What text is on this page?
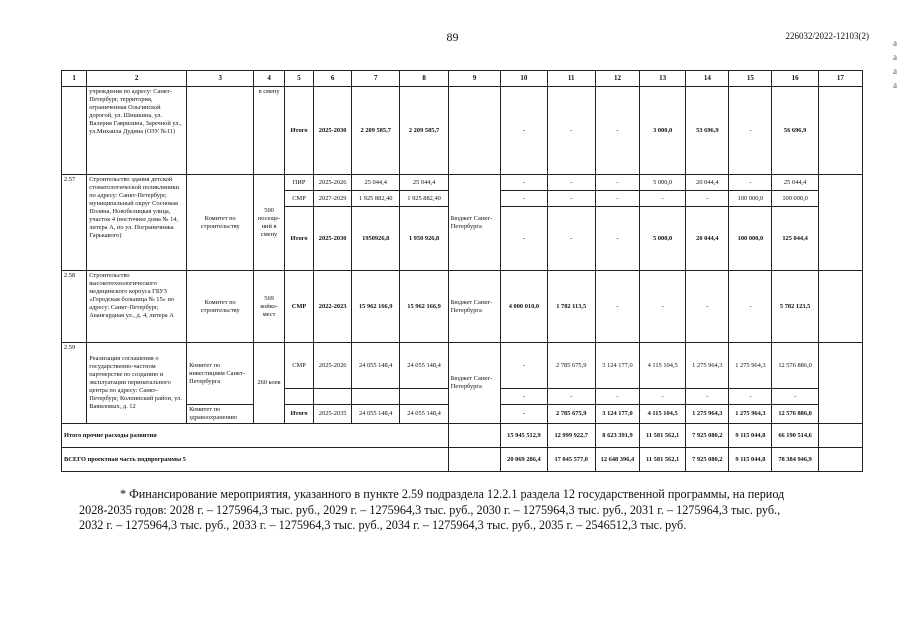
89	226032/2022-12103(2)
a
a
a
a
1	2	3	4	5	6	7	8	9	10	11	12	13	14	15	16	17
	учреждения по адресу: Санкт-Петербург, территория, ограниченная Ольгинской дорогой, ул. Шишкина, ул. Валерия Гаврилина, Заречной ул., ул.Михаила Дудина (ОЗУ №11)		в смену	Итого	2025-2030	2 209 585,7	2 209 585,7		-	-	-	3 000,0	53 696,9	-	56 696,9	
2.57	Строительство здания детской стоматологической поликлиники по адресу: Санкт-Петербург, муниципальный округ Сосновая Поляна, Новобелицкая улица, участок 4 (восточнее дома № 14, литера А, по ул. Пограничника Гарькавого)	Комитет по строительству	500 посеще-ний в смену	ПИР	2025-2026	25 044,4	25 044,4	Бюджет Санкт-Петербурга	-	-	-	5 000,0	20 044,4	-	25 044,4	
				СМР	2027-2029	1 925 882,40	1 925 882,40		-	-	-	-	-	100 000,0	100 000,0	
				Итого	2025-2030	1950926,8	1 950 926,8		-	-	-	5 000,0	20 044,4	100 000,0	125 044,4	
2.58	Строительство высокотехнологического медицинского корпуса ГБУЗ «Городская больница № 15» по адресу: Санкт-Петербург, Авангардная ул., д. 4, литера А	Комитет по строительству	569 койко-мест	СМР	2022-2023	15 962 166,9	15 962 166,9	Бюджет Санкт-Петербурга	4 000 010,0	1 782 113,5	-	-	-	-	5 782 123,5	
2.59	Реализация соглашения о государственно-частном партнерстве по созданию и эксплуатации перинатального центра по адресу: Санкт-Петербург, Колпинский район, ул. Вавиловых, д. 12	Комитет по инвестициям Санкт-Петербурга	260 коек	СМР	2025-2026	24 055 148,4	24 055 148,4	Бюджет Санкт-Петербурга	-	2 785 675,9	3 124 177,0	4 115 104,5	1 275 964,3	1 275 964,3	12 576 886,0	
									-	-	-	-	-	-	-	
		Комитет по здравоохранению		Итого	2025-2035	24 055 148,4	24 055 148,4		-	2 785 675,9	3 124 177,0	4 115 104,5	1 275 964,3	1 275 964,3	12 576 886,0	
Итого прочие расходы развития									15 945 512,9	12 999 922,7	8 623 391,9	11 581 562,1	7 925 080,2	9 115 044,8	66 190 514,6	
ВСЕГО проектная часть подпрограммы 5									20 069 286,4	17 045 577,0	12 648 396,4	11 581 562,1	7 925 080,2	9 115 044,8	78 384 946,9	
* Финансирование мероприятия, указанного в пункте 2.59 подраздела 12.2.1 раздела 12 государственной программы, на период
2028-2035 годов: 2028 г. – 1275964,3 тыс. руб., 2029 г. – 1275964,3 тыс. руб., 2030 г. – 1275964,3 тыс. руб., 2031 г. – 1275964,3 тыс. руб.,
2032 г. – 1275964,3 тыс. руб., 2033 г. – 1275964,3 тыс. руб., 2034 г. – 1275964,3 тыс. руб., 2035 г. – 2546512,3 тыс. руб.
